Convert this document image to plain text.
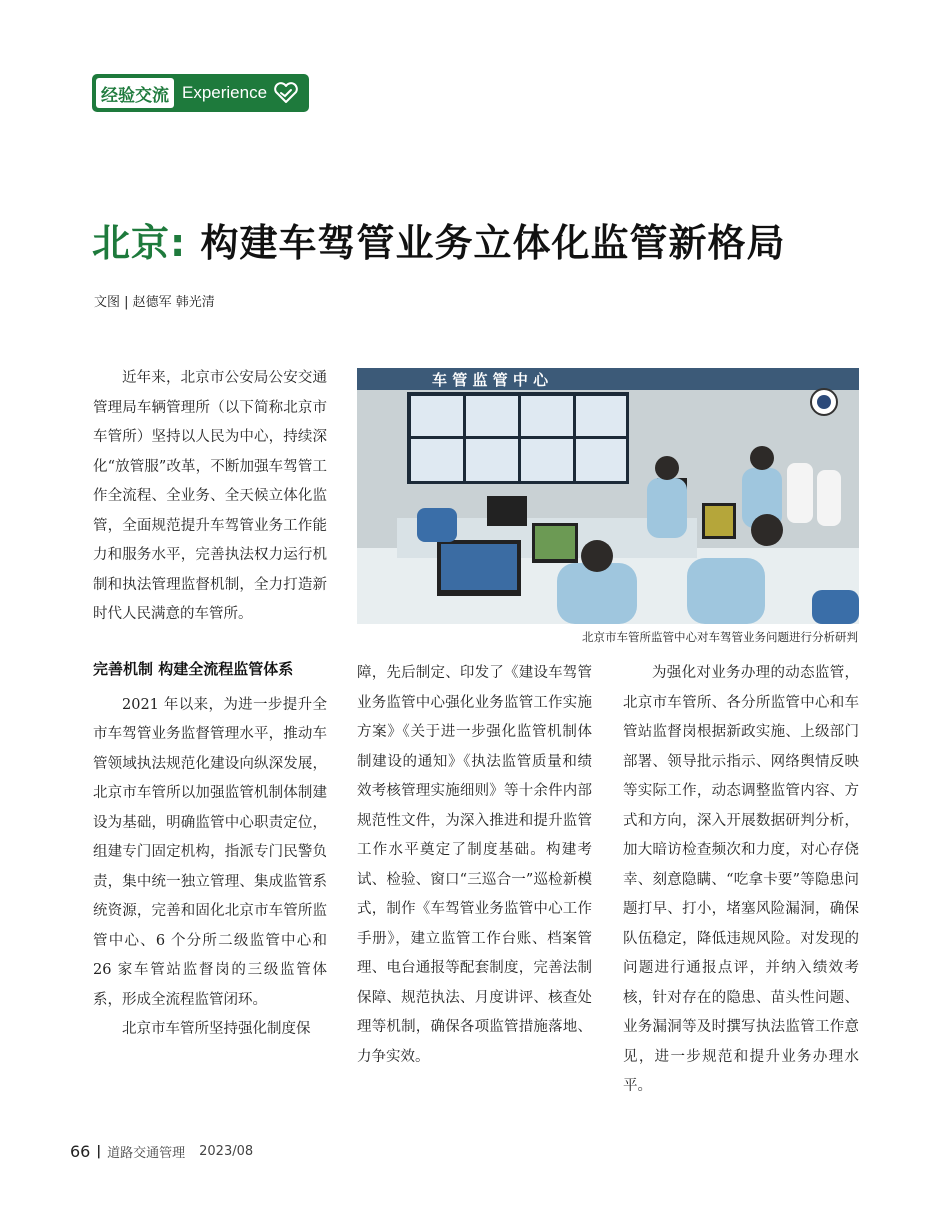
经验交流 Experience
北京: 构建车驾管业务立体化监管新格局
文图 | 赵德军 韩光清

近年来，北京市公安局公安交通管理局车辆管理所（以下简称北京市车管所）坚持以人民为中心，持续深化“放管服”改革，不断加强车驾管工作全流程、全业务、全天候立体化监管，全面规范提升车驾管业务工作能力和服务水平，完善执法权力运行机制和执法管理监督机制，全力打造新时代人民满意的车管所。

完善机制 构建全流程监管体系

2021 年以来，为进一步提升全市车驾管业务监督管理水平，推动车管领域执法规范化建设向纵深发展，北京市车管所以加强监管机制体制建设为基础，明确监管中心职责定位，组建专门固定机构，指派专门民警负责，集中统一独立管理、集成监管系统资源，完善和固化北京市车管所监管中心、6 个分所二级监管中心和 26 家车管站监督岗的三级监管体系，形成全流程监管闭环。

北京市车管所坚持强化制度保

车 管 监 管 中 心
北京市车管所监管中心对车驾管业务问题进行分析研判

障，先后制定、印发了《建设车驾管业务监管中心强化业务监管工作实施方案》《关于进一步强化监管机制体制建设的通知》《执法监管质量和绩效考核管理实施细则》等十余件内部规范性文件，为深入推进和提升监管工作水平奠定了制度基础。构建考试、检验、窗口“三巡合一”巡检新模式，制作《车驾管业务监管中心工作手册》，建立监管工作台账、档案管理、电台通报等配套制度，完善法制保障、规范执法、月度讲评、核查处理等机制，确保各项监管措施落地、力争实效。

为强化对业务办理的动态监管，北京市车管所、各分所监管中心和车管站监督岗根据新政实施、上级部门部署、领导批示指示、网络舆情反映等实际工作，动态调整监管内容、方式和方向，深入开展数据研判分析，加大暗访检查频次和力度，对心存侥幸、刻意隐瞒、“吃拿卡要”等隐患问题打早、打小，堵塞风险漏洞，确保队伍稳定，降低违规风险。对发现的问题进行通报点评，并纳入绩效考核，针对存在的隐患、苗头性问题、业务漏洞等及时撰写执法监管工作意见，进一步规范和提升业务办理水平。

66 | 道路交通管理 2023/08
